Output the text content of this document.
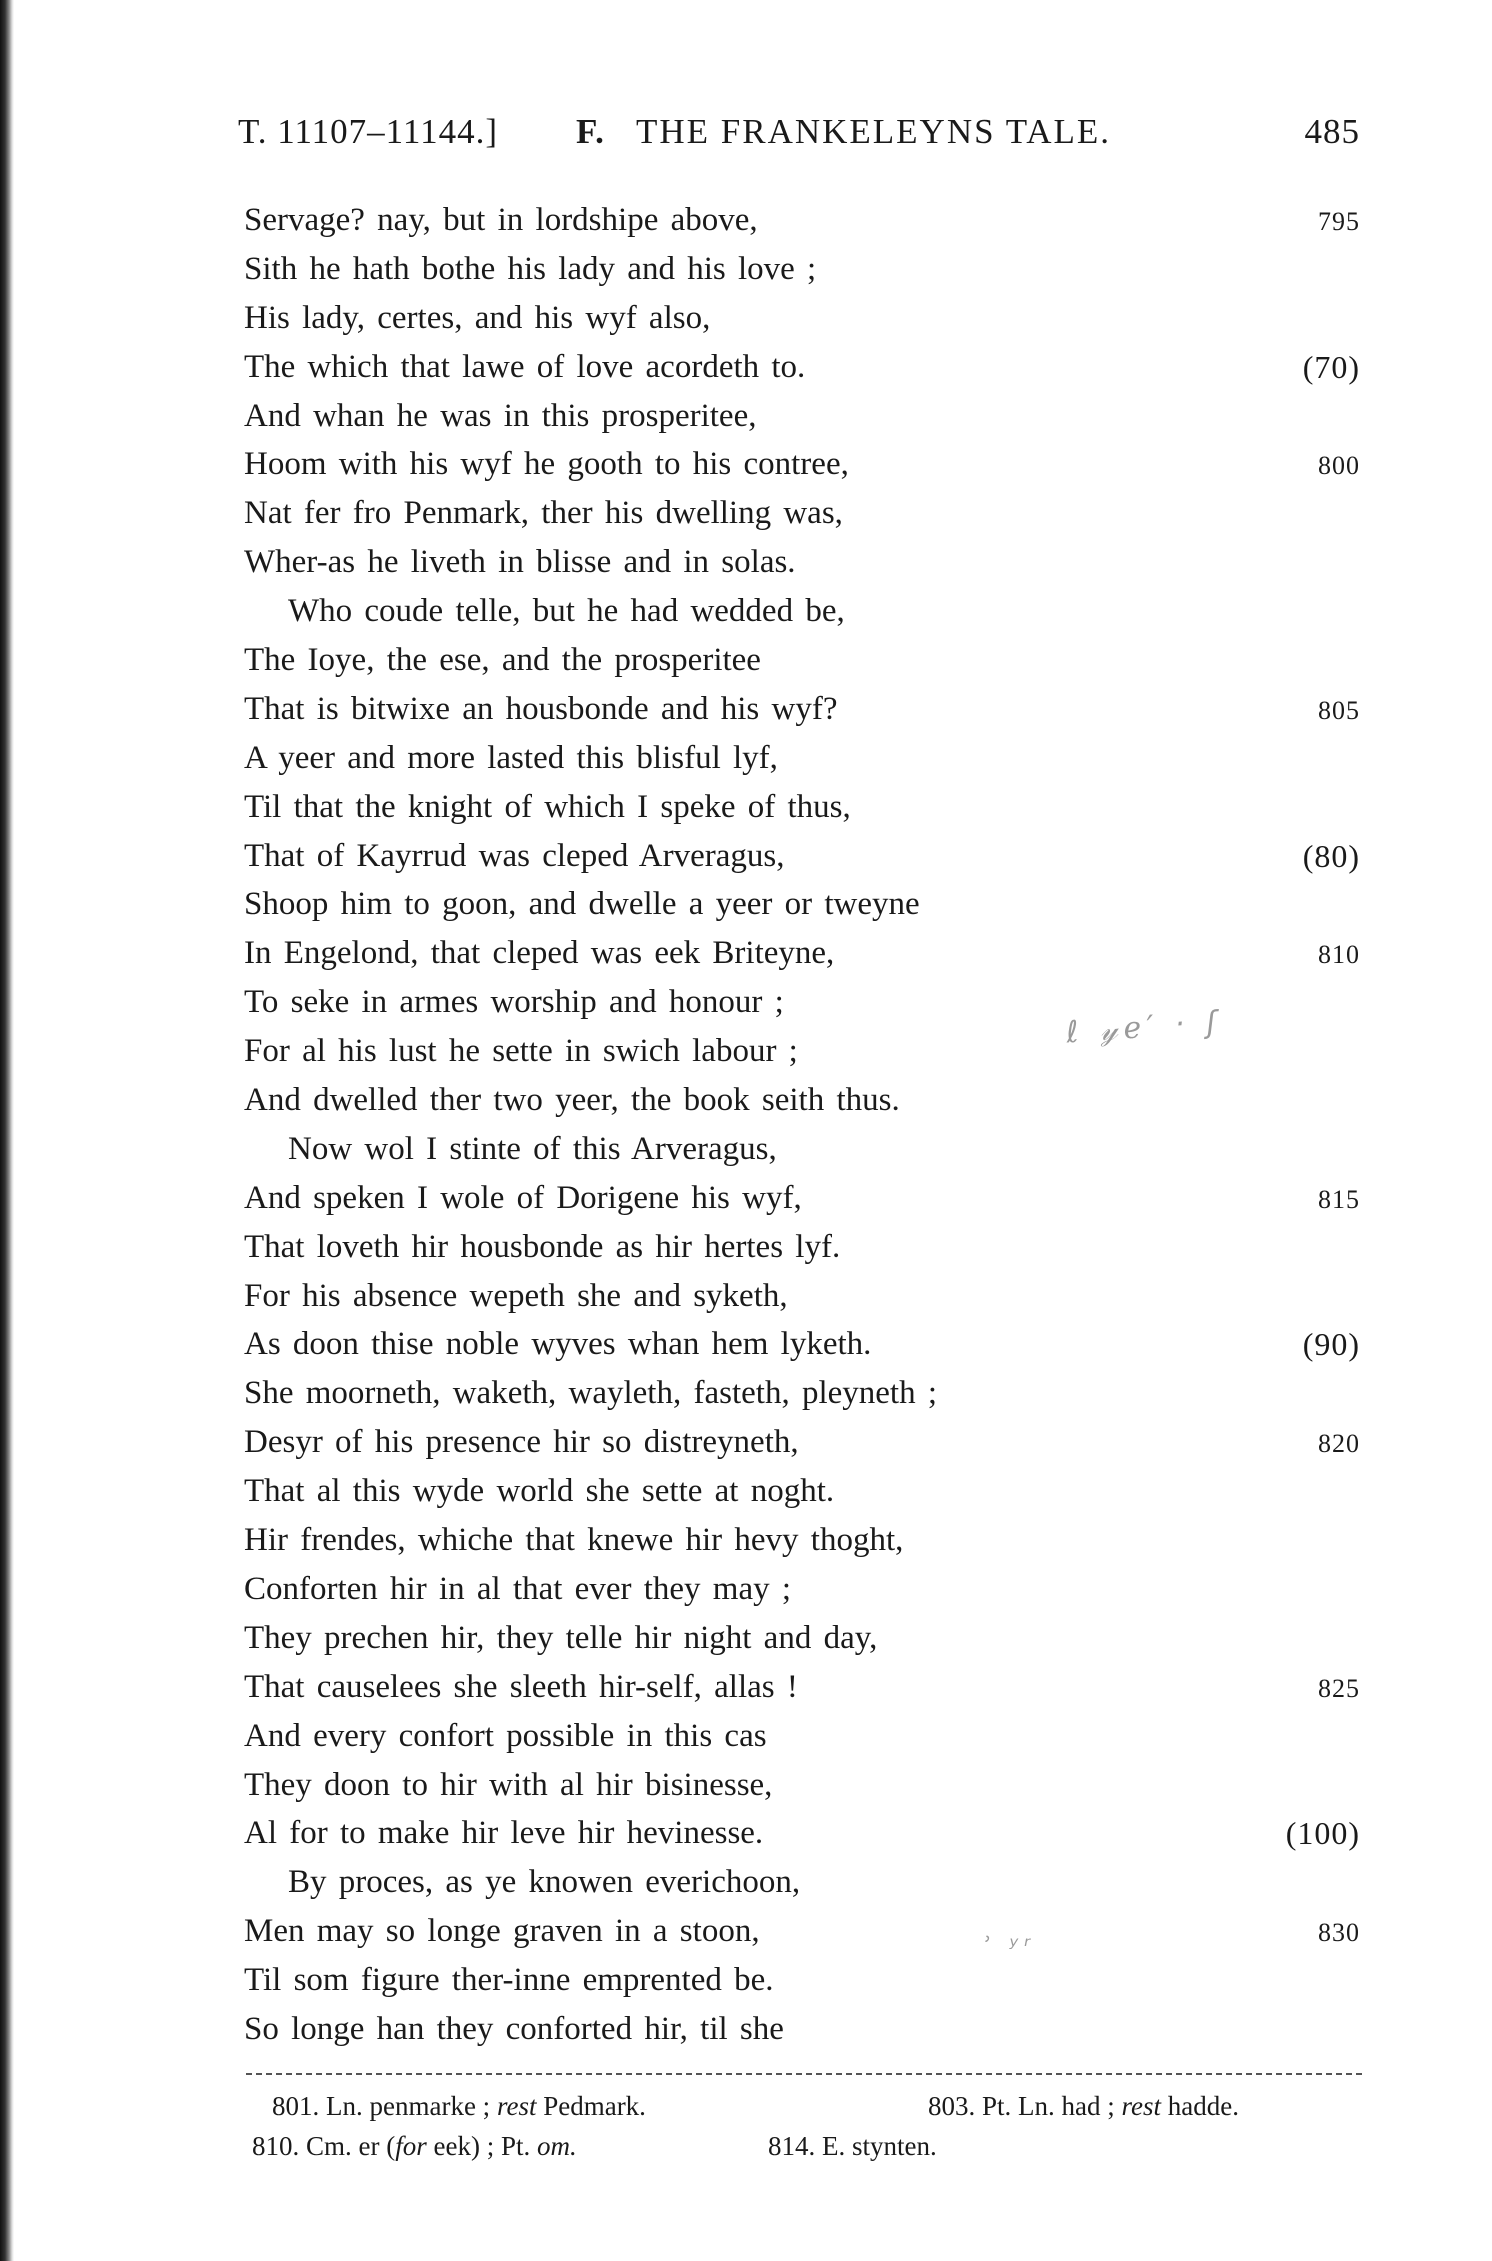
T. 11107–11144.] F. THE FRANKELEYNS TALE.	485
Servage? nay, but in lordshipe above,	795
Sith he hath bothe his lady and his love ;
His lady, certes, and his wyf also,
The which that lawe of love acordeth to.	(70)
And whan he was in this prosperitee,
Hoom with his wyf he gooth to his contree,	800
Nat fer fro Penmark, ther his dwelling was,
Wher-as he liveth in blisse and in solas.
Who coude telle, but he had wedded be,
The Ioye, the ese, and the prosperitee
That is bitwixe an housbonde and his wyf?	805
A yeer and more lasted this blisful lyf,
Til that the knight of which I speke of thus,
That of Kayrrud was cleped Arveragus,	(80)
Shoop him to goon, and dwelle a yeer or tweyne
In Engelond, that cleped was eek Briteyne,	810
To seke in armes worship and honour ;
For al his lust he sette in swich labour ;
And dwelled ther two yeer, the book seith thus.
Now wol I stinte of this Arveragus,
And speken I wole of Dorigene his wyf,	815
That loveth hir housbonde as hir hertes lyf.
For his absence wepeth she and syketh,
As doon thise noble wyves whan hem lyketh.	(90)
She moorneth, waketh, wayleth, fasteth, pleyneth ;
Desyr of his presence hir so distreyneth,	820
That al this wyde world she sette at noght.
Hir frendes, whiche that knewe hir hevy thoght,
Conforten hir in al that ever they may ;
They prechen hir, they telle hir night and day,
That causelees she sleeth hir-self, allas !	825
And every confort possible in this cas
They doon to hir with al hir bisinesse,
Al for to make hir leve hir hevinesse.	(100)
By proces, as ye knowen everichoon,
Men may so longe graven in a stoon,	830
Til som figure ther-inne emprented be.
So longe han they conforted hir, til she
ℓ 𝓎ℯ′ ‧ ʃ
ʾ ʸʳ
801. Ln. penmarke ; rest Pedmark.	803. Pt. Ln. had ; rest hadde.
810. Cm. er (for eek) ; Pt. om.	814. E. stynten.
